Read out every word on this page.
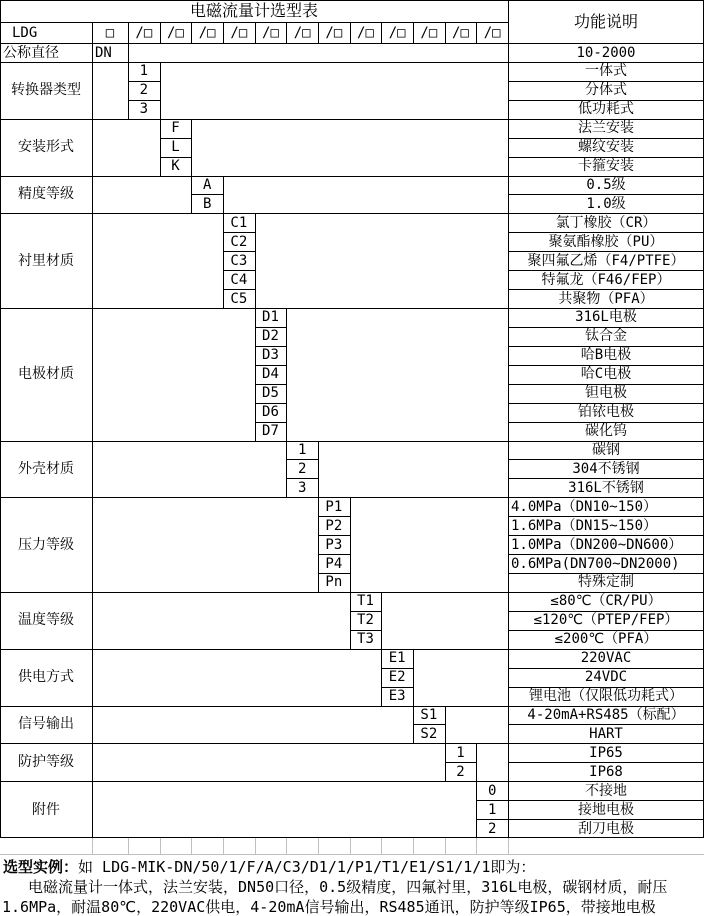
电磁流量计选型表
功能说明
LDG
公称直径	DN	10-2000
□	/□	/□	/□	/□	/□	/□	/□	/□	/□	/□	/□	/□
转换器类型
1	一体式
2	分体式
3	低功耗式
安装形式
F	法兰安装
L	螺纹安装
K	卡箍安装
精度等级
A	0.5级
B	1.0级
衬里材质
C1	氯丁橡胶（CR）
C2	聚氨酯橡胶（PU）
C3	聚四氟乙烯（F4/PTFE）
C4	特氟龙（F46/FEP）
C5	共聚物（PFA）
电极材质
D1	316L电极
D2	钛合金
D3	哈B电极
D4	哈C电极
D5	钽电极
D6	铂铱电极
D7	碳化钨
外壳材质
1	碳钢
2	304不锈钢
3	316L不锈钢
压力等级
P1	4.0MPa（DN10~150）
P2	1.6MPa（DN15~150）
P3	1.0MPa（DN200~DN600）
P4	0.6MPa(DN700~DN2000)
Pn	特殊定制
温度等级
T1	≤80℃（CR/PU）
T2	≤120℃（PTEP/FEP）
T3	≤200℃（PFA）
供电方式
E1	220VAC
E2	24VDC
E3	锂电池（仅限低功耗式）
信号输出
S1	4-20mA+RS485（标配）
S2	HART
防护等级
1	IP65
2	IP68
附件
0	不接地
1	接地电极
2	刮刀电极
选型实例： 如 LDG-MIK-DN/50/1/F/A/C3/D1/1/P1/T1/E1/S1/1/1即为：
电磁流量计一体式，法兰安装，DN50口径，0.5级精度，四氟衬里，316L电极，碳钢材质，耐压
1.6MPa，耐温80℃，220VAC供电，4-20mA信号输出，RS485通讯，防护等级IP65，带接地电极
